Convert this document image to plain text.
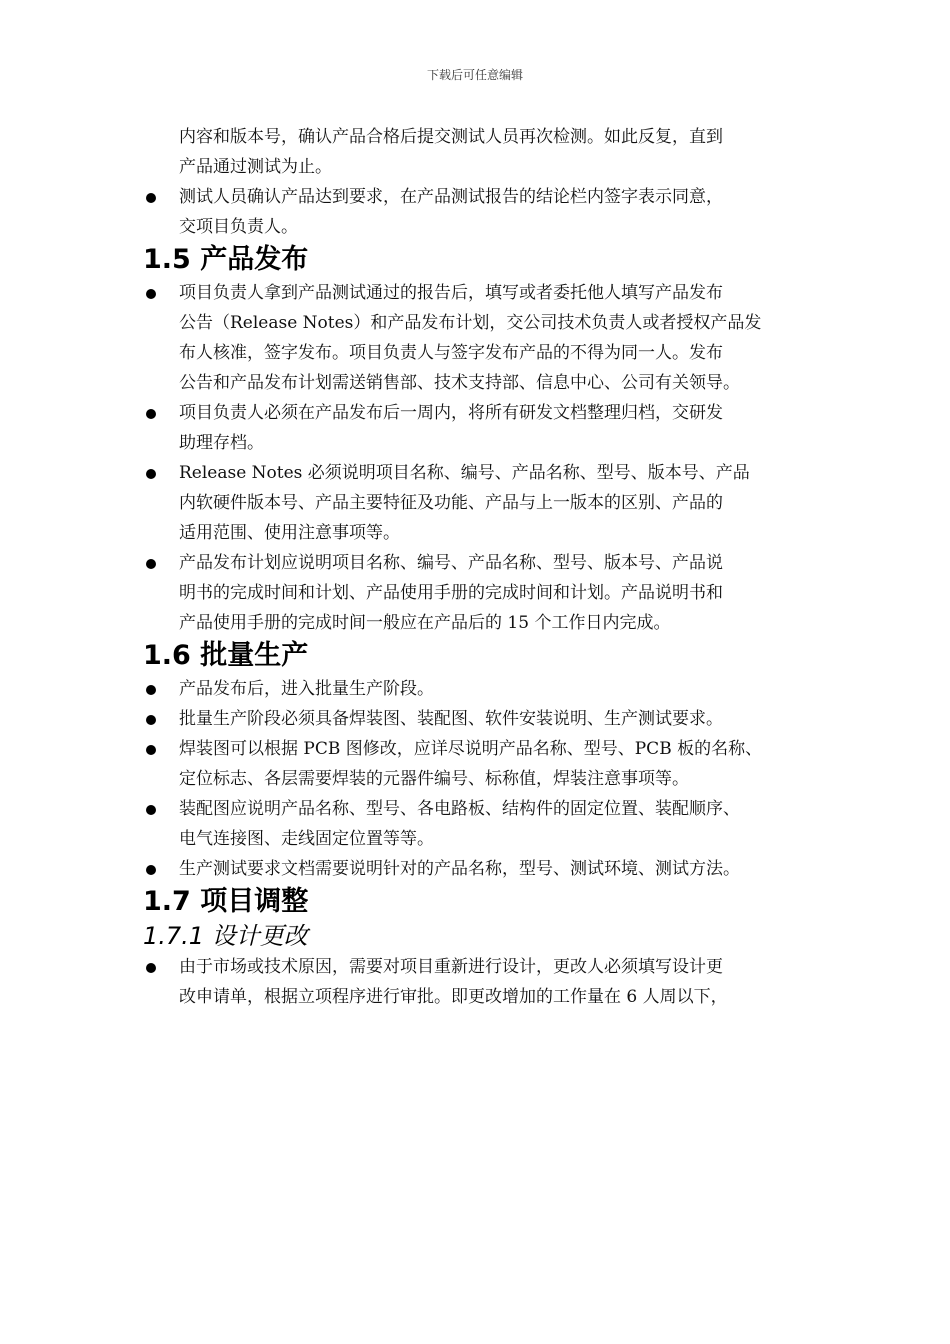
下载后可任意编辑

内容和版本号，确认产品合格后提交测试人员再次检测。如此反复，直到
产品通过测试为止。

测试人员确认产品达到要求，在产品测试报告的结论栏内签字表示同意，
交项目负责人。
1.5 产品发布
项目负责人拿到产品测试通过的报告后，填写或者委托他人填写产品发布
公告（Release Notes）和产品发布计划，交公司技术负责人或者授权产品发
布人核准，签字发布。项目负责人与签字发布产品的不得为同一人。发布
公告和产品发布计划需送销售部、技术支持部、信息中心、公司有关领导。
项目负责人必须在产品发布后一周内，将所有研发文档整理归档，交研发
助理存档。
Release Notes 必须说明项目名称、编号、产品名称、型号、版本号、产品
内软硬件版本号、产品主要特征及功能、产品与上一版本的区别、产品的
适用范围、使用注意事项等。
产品发布计划应说明项目名称、编号、产品名称、型号、版本号、产品说
明书的完成时间和计划、产品使用手册的完成时间和计划。产品说明书和
产品使用手册的完成时间一般应在产品后的 15 个工作日内完成。
1.6 批量生产
产品发布后，进入批量生产阶段。
批量生产阶段必须具备焊装图、装配图、软件安装说明、生产测试要求。
焊装图可以根据 PCB 图修改，应详尽说明产品名称、型号、PCB 板的名称、
定位标志、各层需要焊装的元器件编号、标称值，焊装注意事项等。
装配图应说明产品名称、型号、各电路板、结构件的固定位置、装配顺序、
电气连接图、走线固定位置等等。
生产测试要求文档需要说明针对的产品名称，型号、测试环境、测试方法。
1.7 项目调整
1.7.1 设计更改
由于市场或技术原因，需要对项目重新进行设计，更改人必须填写设计更
改申请单，根据立项程序进行审批。即更改增加的工作量在 6 人周以下，
